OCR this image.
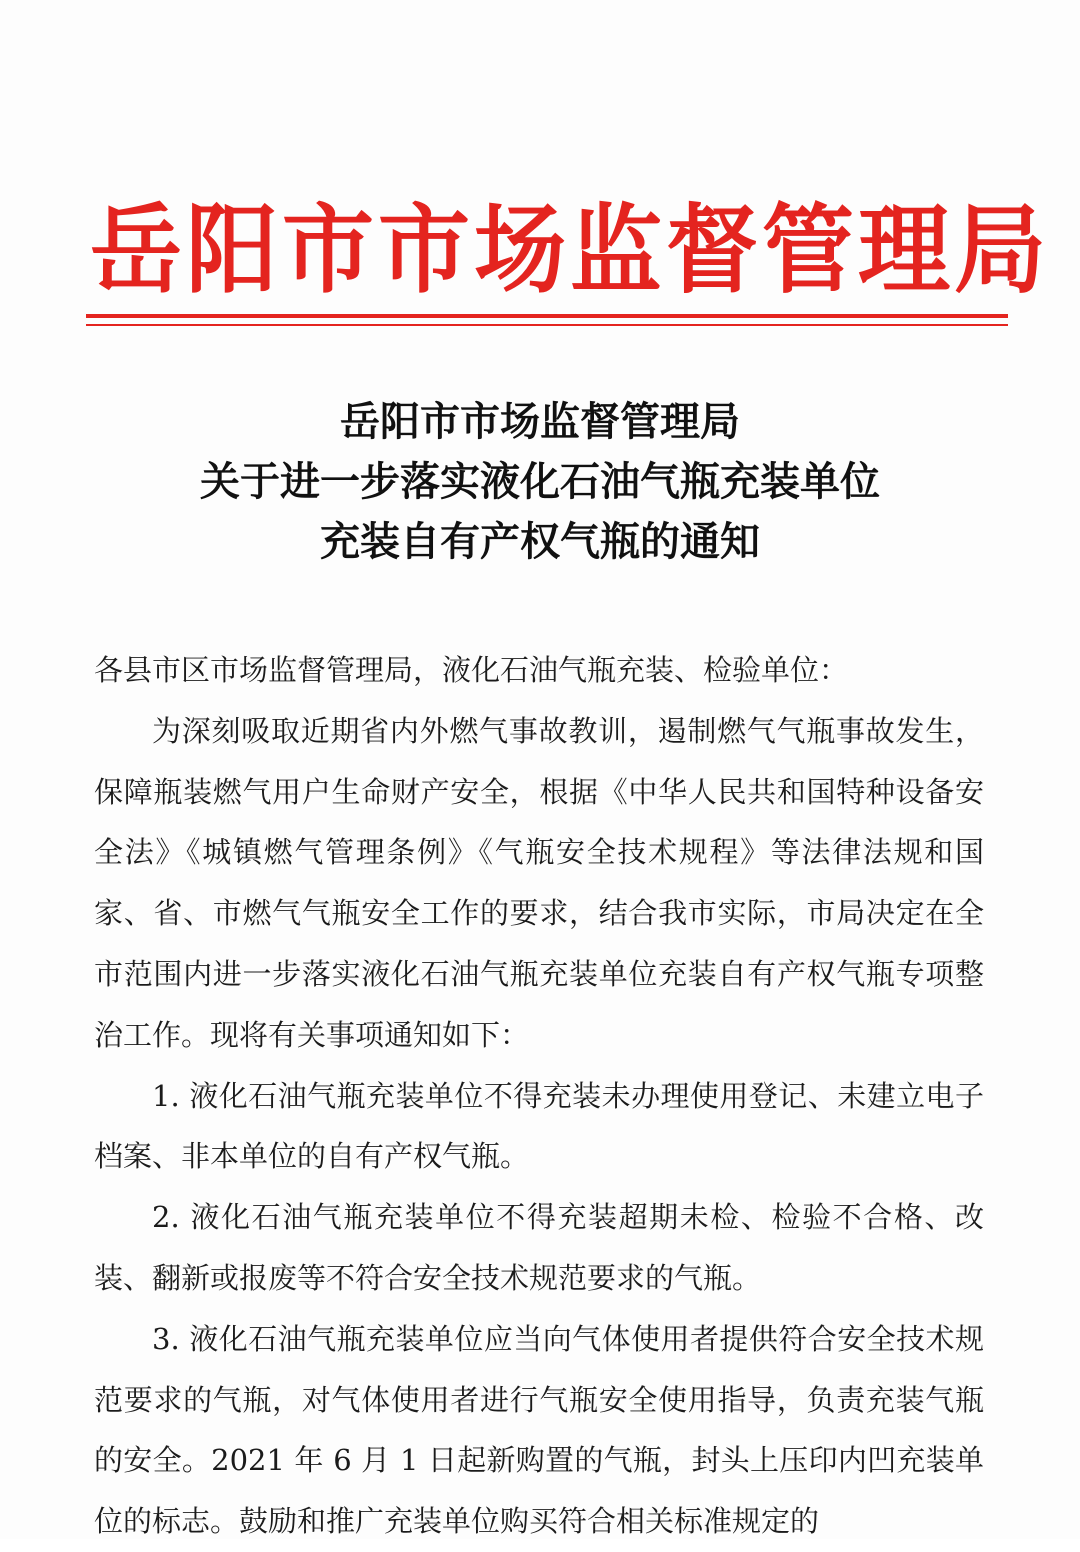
岳阳市市场监督管理局
岳阳市市场监督管理局
关于进一步落实液化石油气瓶充装单位
充装自有产权气瓶的通知

各县市区市场监督管理局，液化石油气瓶充装、检验单位：

为深刻吸取近期省内外燃气事故教训，遏制燃气气瓶事故发生，保障瓶装燃气用户生命财产安全，根据《中华人民共和国特种设备安全法》《城镇燃气管理条例》《气瓶安全技术规程》等法律法规和国家、省、市燃气气瓶安全工作的要求，结合我市实际，市局决定在全市范围内进一步落实液化石油气瓶充装单位充装自有产权气瓶专项整治工作。现将有关事项通知如下：

1. 液化石油气瓶充装单位不得充装未办理使用登记、未建立电子档案、非本单位的自有产权气瓶。

2. 液化石油气瓶充装单位不得充装超期未检、检验不合格、改装、翻新或报废等不符合安全技术规范要求的气瓶。

3. 液化石油气瓶充装单位应当向气体使用者提供符合安全技术规范要求的气瓶，对气体使用者进行气瓶安全使用指导，负责充装气瓶的安全。2021 年 6 月 1 日起新购置的气瓶，封头上压印内凹充装单位的标志。鼓励和推广充装单位购买符合相关标准规定的
